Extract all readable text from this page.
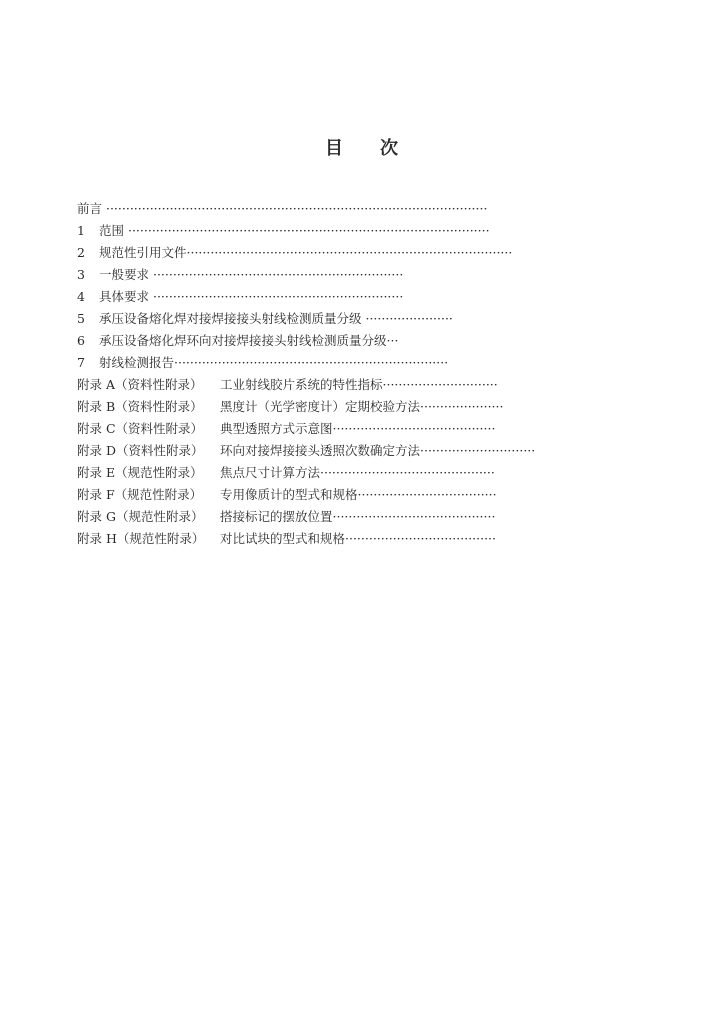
目 次
前言 ································································································
1 范围 ···························································································
2 规范性引用文件··················································································
3 一般要求 ·······························································
4 具体要求 ·······························································
5 承压设备熔化焊对接焊接接头射线检测质量分级 ······················
6 承压设备熔化焊环向对接焊接接头射线检测质量分级···
7 射线检测报告·····································································
附录 A（资料性附录） 工业射线胶片系统的特性指标·····························
附录 B（资料性附录） 黑度计（光学密度计）定期校验方法·····················
附录 C（资料性附录） 典型透照方式示意图·········································
附录 D（资料性附录） 环向对接焊接接头透照次数确定方法·····························
附录 E（规范性附录） 焦点尺寸计算方法············································
附录 F（规范性附录） 专用像质计的型式和规格···································
附录 G（规范性附录） 搭接标记的摆放位置·········································
附录 H（规范性附录） 对比试块的型式和规格······································
